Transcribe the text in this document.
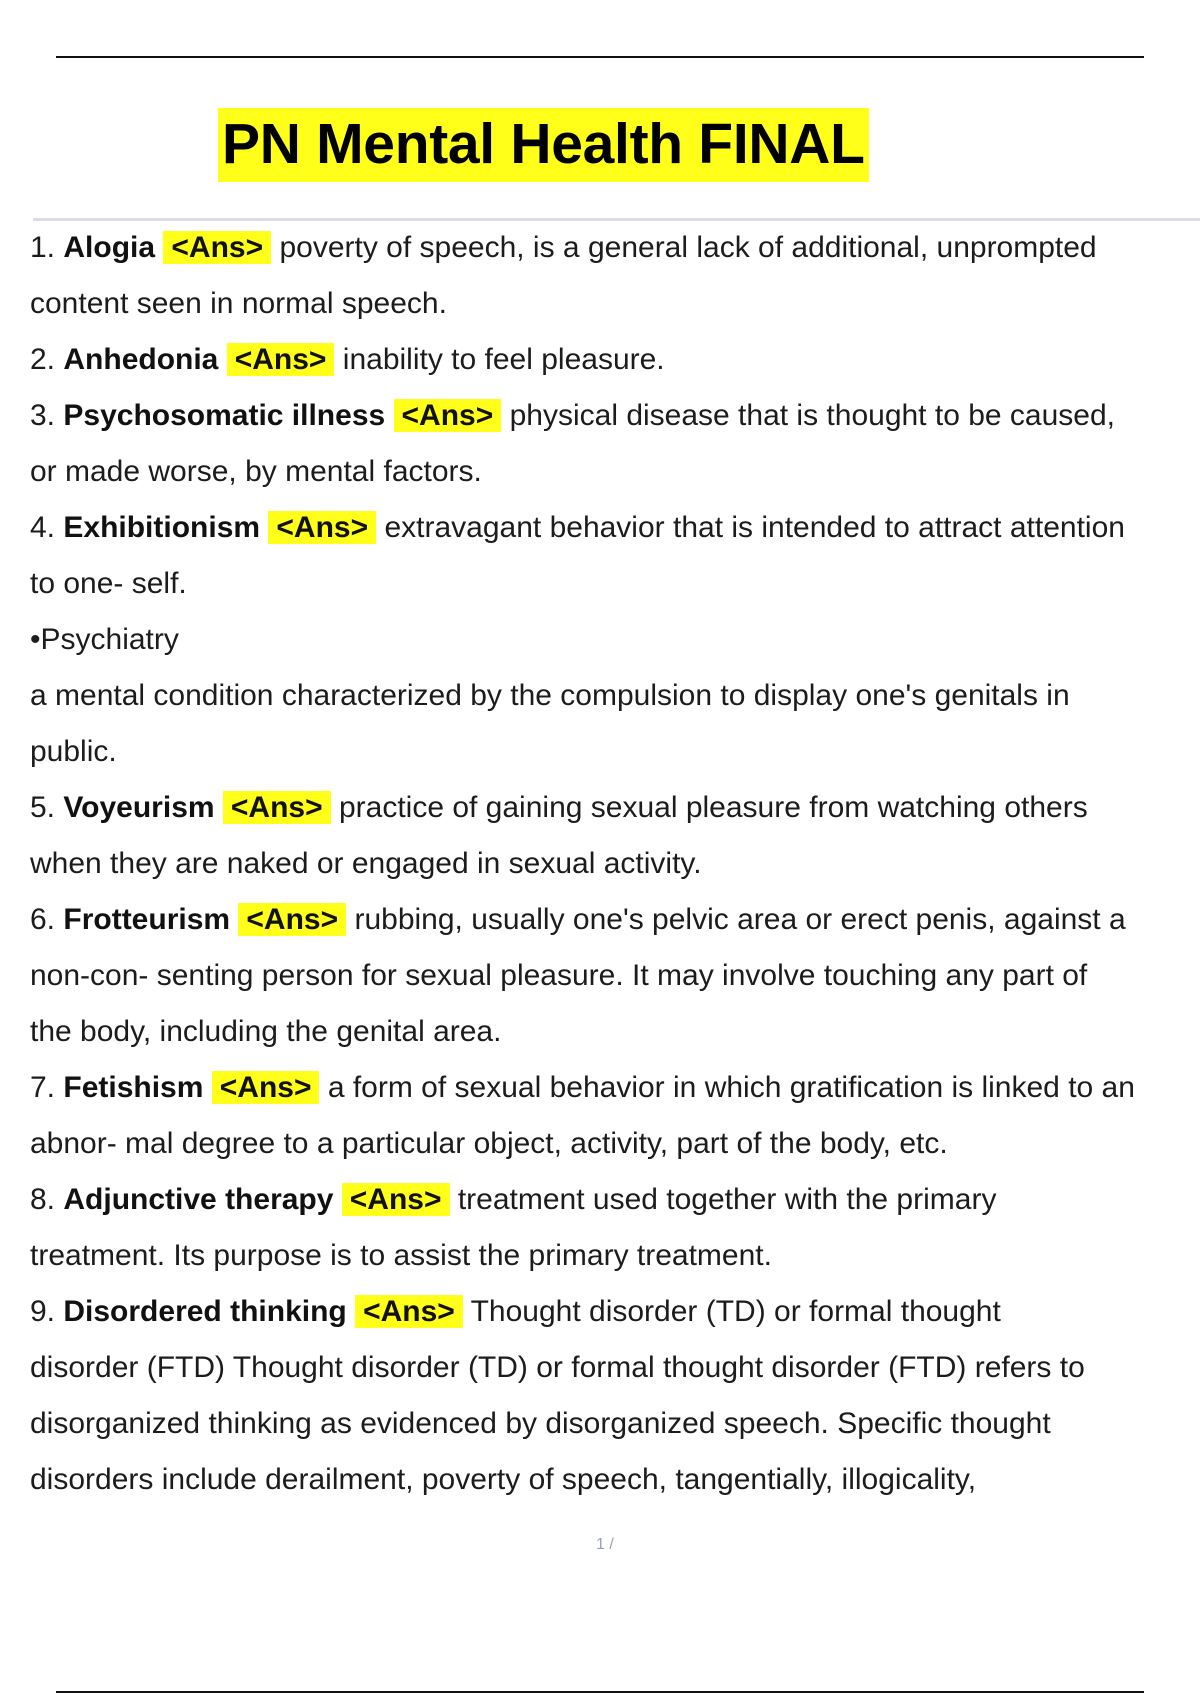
PN Mental Health FINAL
1. Alogia <Ans> poverty of speech, is a general lack of additional, unprompted
content seen in normal speech.
2. Anhedonia <Ans> inability to feel pleasure.
3. Psychosomatic illness <Ans> physical disease that is thought to be caused,
or made worse, by mental factors.
4. Exhibitionism <Ans> extravagant behavior that is intended to attract attention
to one- self.
•Psychiatry
a mental condition characterized by the compulsion to display one's genitals in
public.
5. Voyeurism <Ans> practice of gaining sexual pleasure from watching others
when they are naked or engaged in sexual activity.
6. Frotteurism <Ans> rubbing, usually one's pelvic area or erect penis, against a
non-con- senting person for sexual pleasure. It may involve touching any part of
the body, including the genital area.
7. Fetishism <Ans> a form of sexual behavior in which gratification is linked to an
abnor- mal degree to a particular object, activity, part of the body, etc.
8. Adjunctive therapy <Ans> treatment used together with the primary
treatment. Its purpose is to assist the primary treatment.
9. Disordered thinking <Ans> Thought disorder (TD) or formal thought
disorder (FTD) Thought disorder (TD) or formal thought disorder (FTD) refers to
disorganized thinking as evidenced by disorganized speech. Specific thought
disorders include derailment, poverty of speech, tangentially, illogicality,
1 /
